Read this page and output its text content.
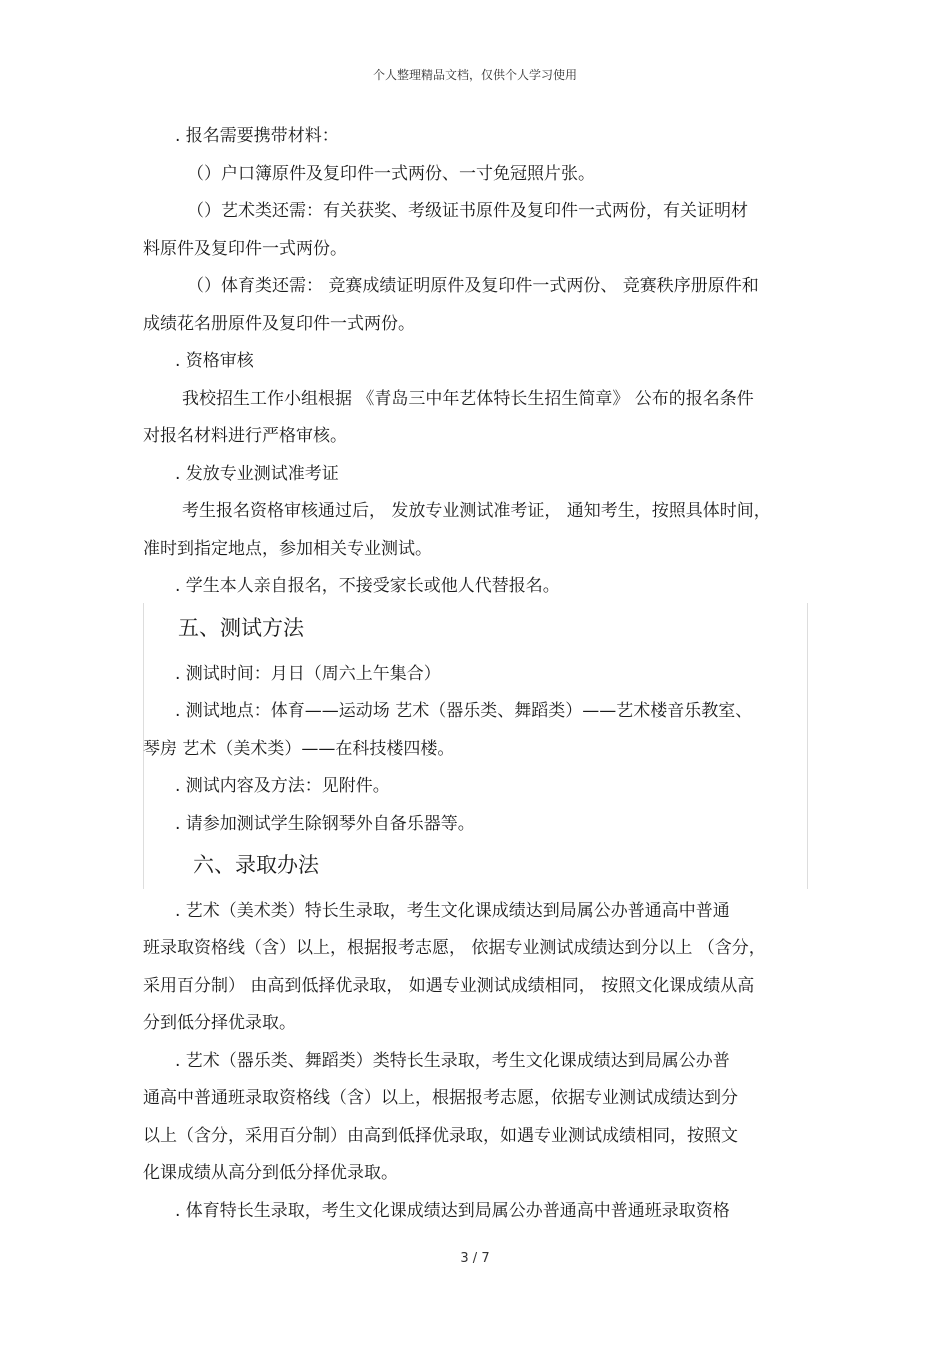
个人整理精品文档，仅供个人学习使用
. 报名需要携带材料：
（）户口簿原件及复印件一式两份、一寸免冠照片张。
（）艺术类还需：有关获奖、考级证书原件及复印件一式两份，有关证明材
料原件及复印件一式两份。
（）体育类还需： 竞赛成绩证明原件及复印件一式两份、 竞赛秩序册原件和
成绩花名册原件及复印件一式两份。
. 资格审核
我校招生工作小组根据 《青岛三中年艺体特长生招生简章》 公布的报名条件
对报名材料进行严格审核。
. 发放专业测试准考证
考生报名资格审核通过后， 发放专业测试准考证， 通知考生，按照具体时间，
准时到指定地点，参加相关专业测试。
. 学生本人亲自报名，不接受家长或他人代替报名。
五、测试方法
. 测试时间：月日（周六上午集合）
. 测试地点：体育——运动场 艺术（器乐类、舞蹈类）——艺术楼音乐教室、
琴房 艺术（美术类）——在科技楼四楼。
. 测试内容及方法：见附件。
. 请参加测试学生除钢琴外自备乐器等。
六、录取办法
. 艺术（美术类）特长生录取，考生文化课成绩达到局属公办普通高中普通
班录取资格线（含）以上，根据报考志愿， 依据专业测试成绩达到分以上 （含分，
采用百分制） 由高到低择优录取， 如遇专业测试成绩相同， 按照文化课成绩从高
分到低分择优录取。
. 艺术（器乐类、舞蹈类）类特长生录取，考生文化课成绩达到局属公办普
通高中普通班录取资格线（含）以上，根据报考志愿，依据专业测试成绩达到分
以上（含分，采用百分制）由高到低择优录取，如遇专业测试成绩相同，按照文
化课成绩从高分到低分择优录取。
. 体育特长生录取，考生文化课成绩达到局属公办普通高中普通班录取资格
3 / 7
